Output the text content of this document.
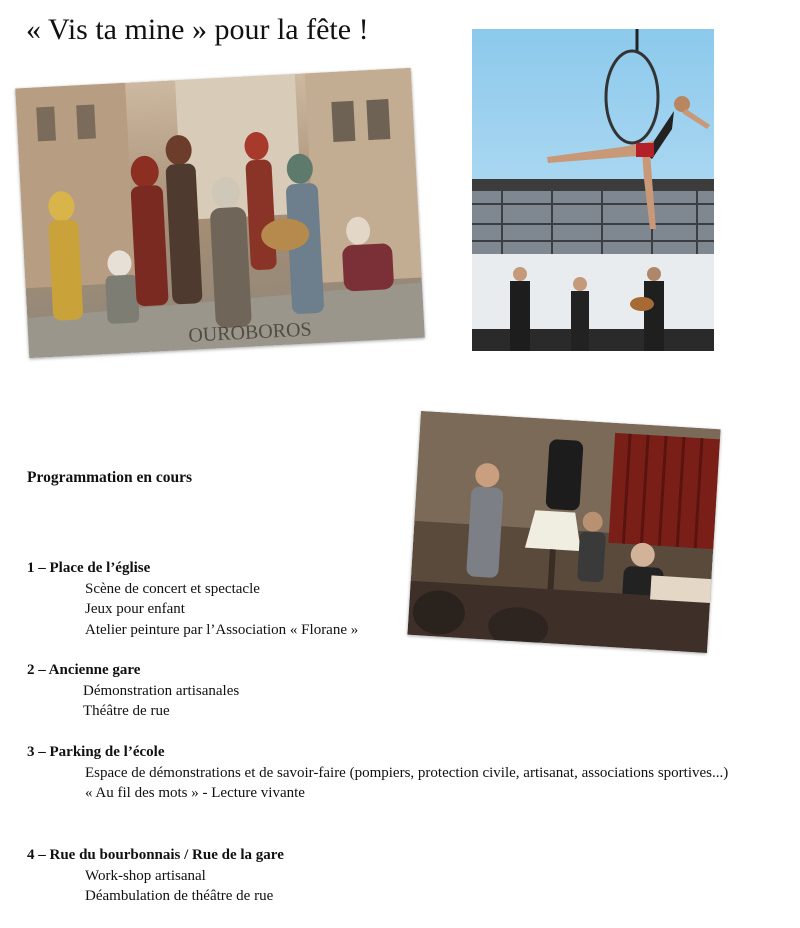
« Vis ta mine » pour la fête !
OUROBOROS
Programmation en cours
1 – Place de l’église
Scène de concert et spectacle
Jeux pour enfant
Atelier peinture par l’Association « Florane »
2 – Ancienne gare
Démonstration artisanales
Théâtre de rue
3 – Parking de l’école
Espace de démonstrations et de savoir-faire (pompiers, protection civile, artisanat, associations sportives...)
« Au fil des mots » - Lecture vivante
4 – Rue du bourbonnais / Rue de la gare
Work-shop artisanal
Déambulation de théâtre de rue
